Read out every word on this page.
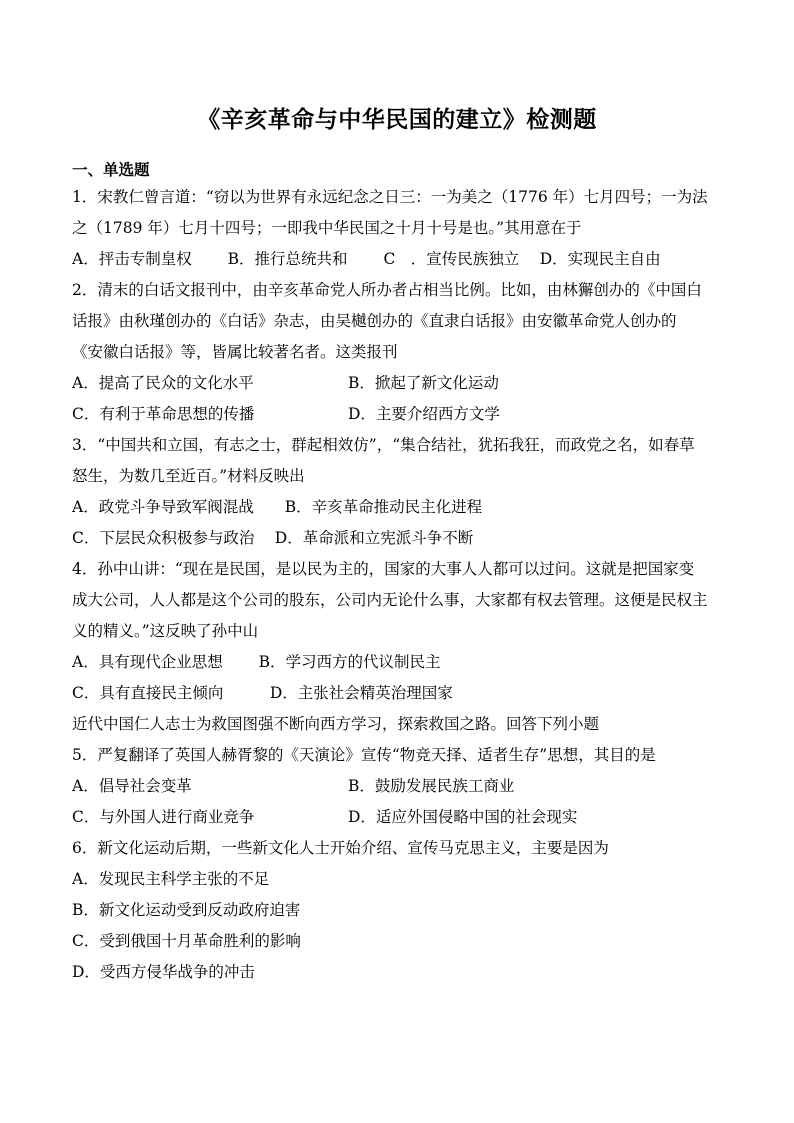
《辛亥革命与中华民国的建立》检测题
一、单选题
1．宋教仁曾言道：“窃以为世界有永远纪念之日三：一为美之（1776 年）七月四号；一为法
之（1789 年）七月十四号；一即我中华民国之十月十号是也。”其用意在于
A．抨击专制皇权　　 B．推行总统共和　　 C　．宣传民族独立　 D．实现民主自由
2．清末的白话文报刊中，由辛亥革命党人所办者占相当比例。比如，由林獬创办的《中国白
话报》由秋瑾创办的《白话》杂志，由吴樾创办的《直隶白话报》由安徽革命党人创办的
《安徽白话报》等，皆属比较著名者。这类报刊
A．提高了民众的文化水平	B．掀起了新文化运动
C．有利于革命思想的传播	D．主要介绍西方文学
3．“中国共和立国，有志之士，群起相效仿”，“集合结社，犹拓我狂，而政党之名，如春草
怒生，为数几至近百。”材料反映出
A．政党斗争导致军阀混战　　B．辛亥革命推动民主化进程
C．下层民众积极参与政治　 D．革命派和立宪派斗争不断
4．孙中山讲：“现在是民国，是以民为主的，国家的大事人人都可以过问。这就是把国家变
成大公司，人人都是这个公司的股东，公司内无论什么事，大家都有权去管理。这便是民权主
义的精义。”这反映了孙中山
A．具有现代企业思想　　 B．学习西方的代议制民主
C．具有直接民主倾向　　　D．主张社会精英治理国家
近代中国仁人志士为救国图强不断向西方学习，探索救国之路。回答下列小题
5．严复翻译了英国人赫胥黎的《天演论》宣传“物竞天择、适者生存”思想，其目的是
A．倡导社会变革	B．鼓励发展民族工商业
C．与外国人进行商业竞争	D．适应外国侵略中国的社会现实
6．新文化运动后期，一些新文化人士开始介绍、宣传马克思主义，主要是因为
A．发现民主科学主张的不足
B．新文化运动受到反动政府迫害
C．受到俄国十月革命胜利的影响
D．受西方侵华战争的冲击
